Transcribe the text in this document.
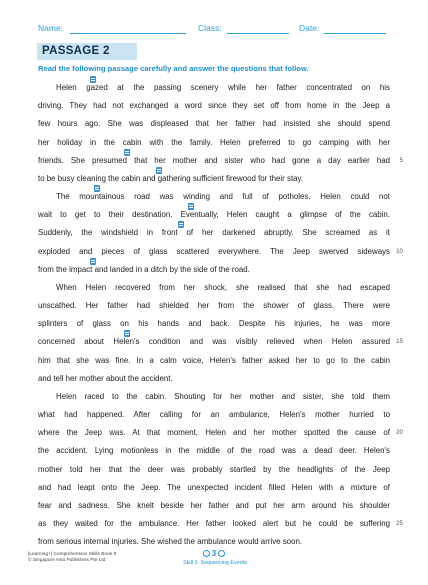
Name:	Class:	Date:
PASSAGE 2
Read the following passage carefully and answer the questions that follow.
Helen gazed at the passing scenery while her father concentrated on his
driving. They had not exchanged a word since they set off from home in the Jeep a
few hours ago. She was displeased that her father had insisted she should spend
her holiday in the cabin with the family. Helen preferred to go camping with her
friends. She presumed that her mother and sister who had gone a day earlier had 5
to be busy cleaning the cabin and gathering sufficient firewood for their stay.
The mountainous road was winding and full of potholes. Helen could not
wait to get to their destination. Eventually, Helen caught a glimpse of the cabin.
Suddenly, the windshield in front of her darkened abruptly. She screamed as it
exploded and pieces of glass scattered everywhere. The Jeep swerved sideways 10
from the impact and landed in a ditch by the side of the road.
When Helen recovered from her shock, she realised that she had escaped
unscathed. Her father had shielded her from the shower of glass. There were
splinters of glass on his hands and back. Despite his injuries, he was more
concerned about Helen's condition and was visibly relieved when Helen assured 15
him that she was fine. In a calm voice, Helen's father asked her to go to the cabin
and tell her mother about the accident.
Helen raced to the cabin. Shouting for her mother and sister, she told them
what had happened. After calling for an ambulance, Helen's mother hurried to
where the Jeep was. At that moment, Helen and her mother spotted the cause of 20
the accident. Lying motionless in the middle of the road was a dead deer. Helen's
mother told her that the deer was probably startled by the headlights of the Jeep
and had leapt onto the Jeep. The unexpected incident filled Helen with a mixture of
fear and sadness. She knelt beside her father and put her arm around his shoulder
as they waited for the ambulance. Her father looked alert but he could be suffering 25
from serious internal injuries. She wished the ambulance would arrive soon.
[Learning+] Comprehension Skills Book 6
© Singapore Asia Publishers Pte Ltd
3
Skill 1: Sequencing Events
